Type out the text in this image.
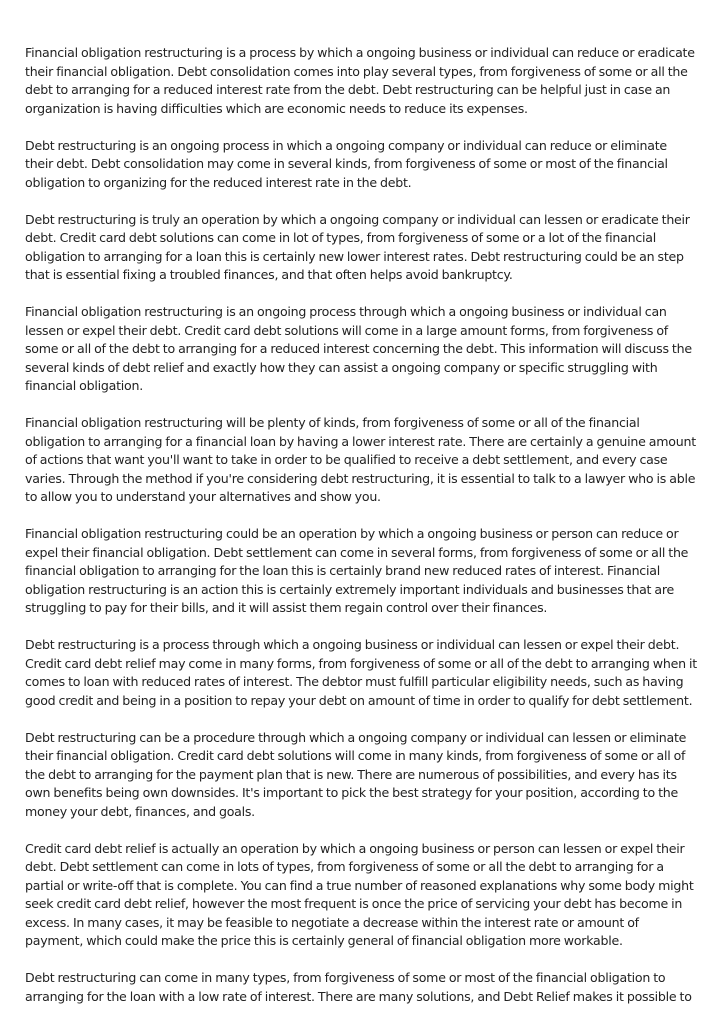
Financial obligation restructuring is a process by which a ongoing business or individual can reduce or eradicate their financial obligation. Debt consolidation comes into play several types, from forgiveness of some or all the debt to arranging for a reduced interest rate from the debt. Debt restructuring can be helpful just in case an organization is having difficulties which are economic needs to reduce its expenses.

Debt restructuring is an ongoing process in which a ongoing company or individual can reduce or eliminate their debt. Debt consolidation may come in several kinds, from forgiveness of some or most of the financial obligation to organizing for the reduced interest rate in the debt.

Debt restructuring is truly an operation by which a ongoing company or individual can lessen or eradicate their debt. Credit card debt solutions can come in lot of types, from forgiveness of some or a lot of the financial obligation to arranging for a loan this is certainly new lower interest rates. Debt restructuring could be an step that is essential fixing a troubled finances, and that often helps avoid bankruptcy.

Financial obligation restructuring is an ongoing process through which a ongoing business or individual can lessen or expel their debt. Credit card debt solutions will come in a large amount forms, from forgiveness of some or all of the debt to arranging for a reduced interest concerning the debt. This information will discuss the several kinds of debt relief and exactly how they can assist a ongoing company or specific struggling with financial obligation.

Financial obligation restructuring will be plenty of kinds, from forgiveness of some or all of the financial obligation to arranging for a financial loan by having a lower interest rate. There are certainly a genuine amount of actions that want you'll want to take in order to be qualified to receive a debt settlement, and every case varies. Through the method if you're considering debt restructuring, it is essential to talk to a lawyer who is able to allow you to understand your alternatives and show you.

Financial obligation restructuring could be an operation by which a ongoing business or person can reduce or expel their financial obligation. Debt settlement can come in several forms, from forgiveness of some or all the financial obligation to arranging for the loan this is certainly brand new reduced rates of interest. Financial obligation restructuring is an action this is certainly extremely important individuals and businesses that are struggling to pay for their bills, and it will assist them regain control over their finances.

Debt restructuring is a process through which a ongoing business or individual can lessen or expel their debt. Credit card debt relief may come in many forms, from forgiveness of some or all of the debt to arranging when it comes to loan with reduced rates of interest. The debtor must fulfill particular eligibility needs, such as having good credit and being in a position to repay your debt on amount of time in order to qualify for debt settlement.

Debt restructuring can be a procedure through which a ongoing company or individual can lessen or eliminate their financial obligation. Credit card debt solutions will come in many kinds, from forgiveness of some or all of the debt to arranging for the payment plan that is new. There are numerous of possibilities, and every has its own benefits being own downsides. It's important to pick the best strategy for your position, according to the money your debt, finances, and goals.

Credit card debt relief is actually an operation by which a ongoing business or person can lessen or expel their debt. Debt settlement can come in lots of types, from forgiveness of some or all the debt to arranging for a partial or write-off that is complete. You can find a true number of reasoned explanations why some body might seek credit card debt relief, however the most frequent is once the price of servicing your debt has become in excess. In many cases, it may be feasible to negotiate a decrease within the interest rate or amount of payment, which could make the price this is certainly general of financial obligation more workable.

Debt restructuring can come in many types, from forgiveness of some or most of the financial obligation to arranging for the loan with a low rate of interest. There are many solutions, and Debt Relief makes it possible to
